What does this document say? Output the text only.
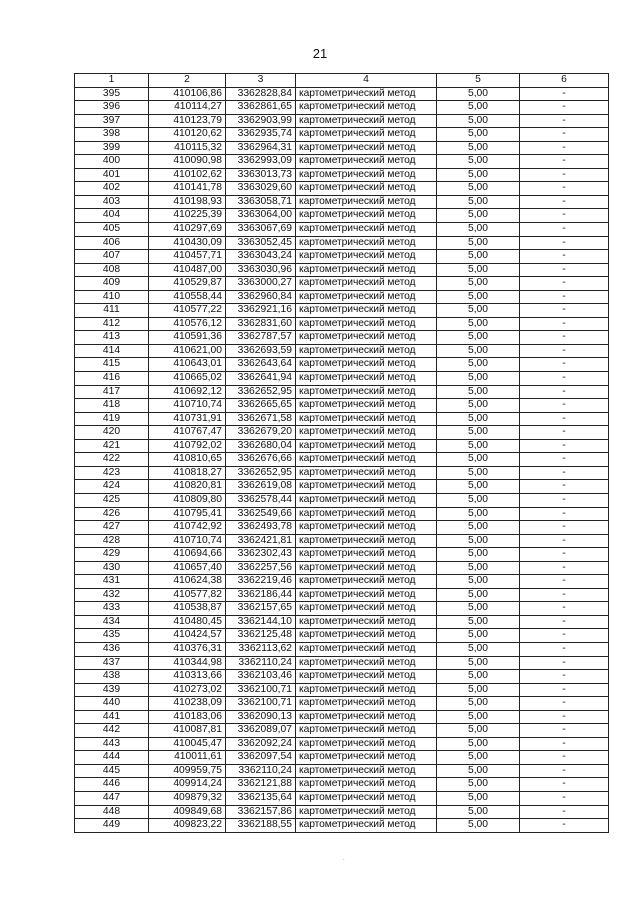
21
1	2	3	4	5	6
395	410106,86	3362828,84	картометрический метод	5,00	-
396	410114,27	3362861,65	картометрический метод	5,00	-
397	410123,79	3362903,99	картометрический метод	5,00	-
398	410120,62	3362935,74	картометрический метод	5,00	-
399	410115,32	3362964,31	картометрический метод	5,00	-
400	410090,98	3362993,09	картометрический метод	5,00	-
401	410102,62	3363013,73	картометрический метод	5,00	-
402	410141,78	3363029,60	картометрический метод	5,00	-
403	410198,93	3363058,71	картометрический метод	5,00	-
404	410225,39	3363064,00	картометрический метод	5,00	-
405	410297,69	3363067,69	картометрический метод	5,00	-
406	410430,09	3363052,45	картометрический метод	5,00	-
407	410457,71	3363043,24	картометрический метод	5,00	-
408	410487,00	3363030,96	картометрический метод	5,00	-
409	410529,87	3363000,27	картометрический метод	5,00	-
410	410558,44	3362960,84	картометрический метод	5,00	-
411	410577,22	3362921,16	картометрический метод	5,00	-
412	410576,12	3362831,60	картометрический метод	5,00	-
413	410591,36	3362787,57	картометрический метод	5,00	-
414	410621,00	3362693,59	картометрический метод	5,00	-
415	410643,01	3362643,64	картометрический метод	5,00	-
416	410665,02	3362641,94	картометрический метод	5,00	-
417	410692,12	3362652,95	картометрический метод	5,00	-
418	410710,74	3362665,65	картометрический метод	5,00	-
419	410731,91	3362671,58	картометрический метод	5,00	-
420	410767,47	3362679,20	картометрический метод	5,00	-
421	410792,02	3362680,04	картометрический метод	5,00	-
422	410810,65	3362676,66	картометрический метод	5,00	-
423	410818,27	3362652,95	картометрический метод	5,00	-
424	410820,81	3362619,08	картометрический метод	5,00	-
425	410809,80	3362578,44	картометрический метод	5,00	-
426	410795,41	3362549,66	картометрический метод	5,00	-
427	410742,92	3362493,78	картометрический метод	5,00	-
428	410710,74	3362421,81	картометрический метод	5,00	-
429	410694,66	3362302,43	картометрический метод	5,00	-
430	410657,40	3362257,56	картометрический метод	5,00	-
431	410624,38	3362219,46	картометрический метод	5,00	-
432	410577,82	3362186,44	картометрический метод	5,00	-
433	410538,87	3362157,65	картометрический метод	5,00	-
434	410480,45	3362144,10	картометрический метод	5,00	-
435	410424,57	3362125,48	картометрический метод	5,00	-
436	410376,31	3362113,62	картометрический метод	5,00	-
437	410344,98	3362110,24	картометрический метод	5,00	-
438	410313,66	3362103,46	картометрический метод	5,00	-
439	410273,02	3362100,71	картометрический метод	5,00	-
440	410238,09	3362100,71	картометрический метод	5,00	-
441	410183,06	3362090,13	картометрический метод	5,00	-
442	410087,81	3362089,07	картометрический метод	5,00	-
443	410045,47	3362092,24	картометрический метод	5,00	-
444	410011,61	3362097,54	картометрический метод	5,00	-
445	409959,75	3362110,24	картометрический метод	5,00	-
446	409914,24	3362121,88	картометрический метод	5,00	-
447	409879,32	3362135,64	картометрический метод	5,00	-
448	409849,68	3362157,86	картометрический метод	5,00	-
449	409823,22	3362188,55	картометрический метод	5,00	-
.
